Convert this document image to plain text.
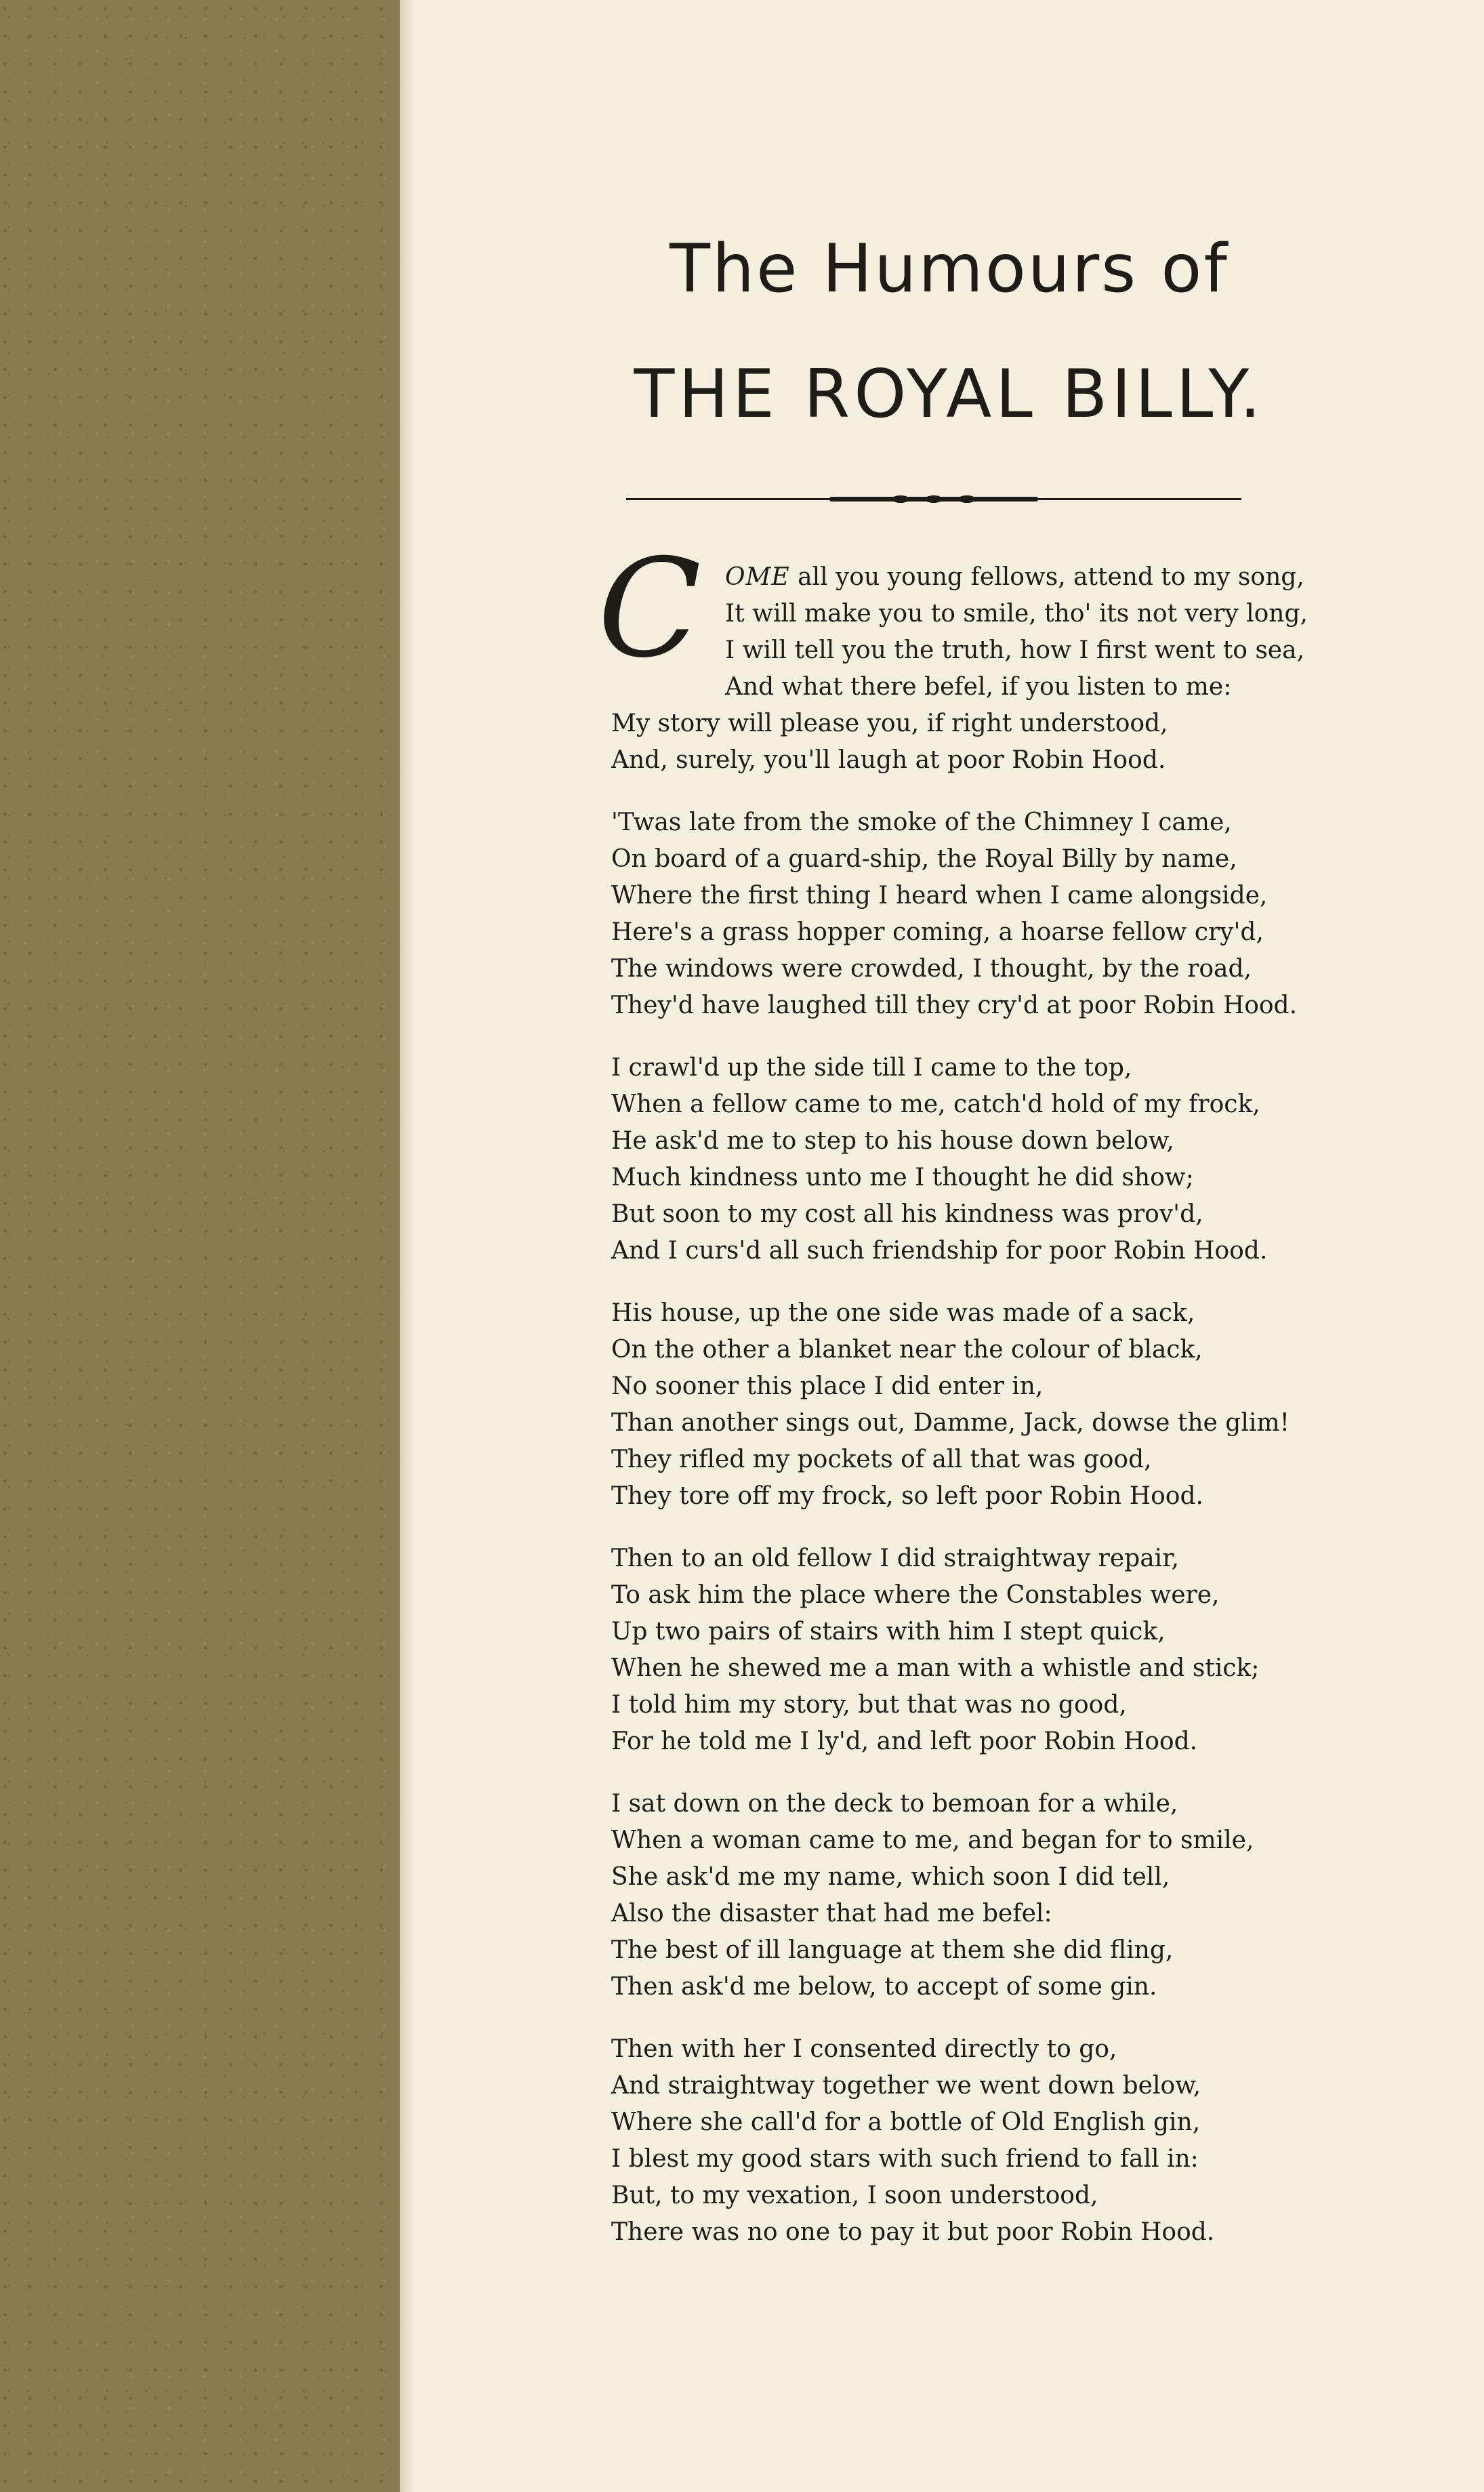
The Humours of
THE ROYAL BILLY.
C OME all you young fellows, attend to my song,
It will make you to smile, tho' its not very long,
I will tell you the truth, how I first went to sea,
And what there befel, if you listen to me:
My story will please you, if right understood,
And, surely, you'll laugh at poor Robin Hood.
'Twas late from the smoke of the Chimney I came,
On board of a guard-ship, the Royal Billy by name,
Where the first thing I heard when I came alongside,
Here's a grass hopper coming, a hoarse fellow cry'd,
The windows were crowded, I thought, by the road,
They'd have laughed till they cry'd at poor Robin Hood.
I crawl'd up the side till I came to the top,
When a fellow came to me, catch'd hold of my frock,
He ask'd me to step to his house down below,
Much kindness unto me I thought he did show;
But soon to my cost all his kindness was prov'd,
And I curs'd all such friendship for poor Robin Hood.
His house, up the one side was made of a sack,
On the other a blanket near the colour of black,
No sooner this place I did enter in,
Than another sings out, Damme, Jack, dowse the glim!
They rifled my pockets of all that was good,
They tore off my frock, so left poor Robin Hood.
Then to an old fellow I did straightway repair,
To ask him the place where the Constables were,
Up two pairs of stairs with him I stept quick,
When he shewed me a man with a whistle and stick;
I told him my story, but that was no good,
For he told me I ly'd, and left poor Robin Hood.
I sat down on the deck to bemoan for a while,
When a woman came to me, and began for to smile,
She ask'd me my name, which soon I did tell,
Also the disaster that had me befel:
The best of ill language at them she did fling,
Then ask'd me below, to accept of some gin.
Then with her I consented directly to go,
And straightway together we went down below,
Where she call'd for a bottle of Old English gin,
I blest my good stars with such friend to fall in:
But, to my vexation, I soon understood,
There was no one to pay it but poor Robin Hood.
